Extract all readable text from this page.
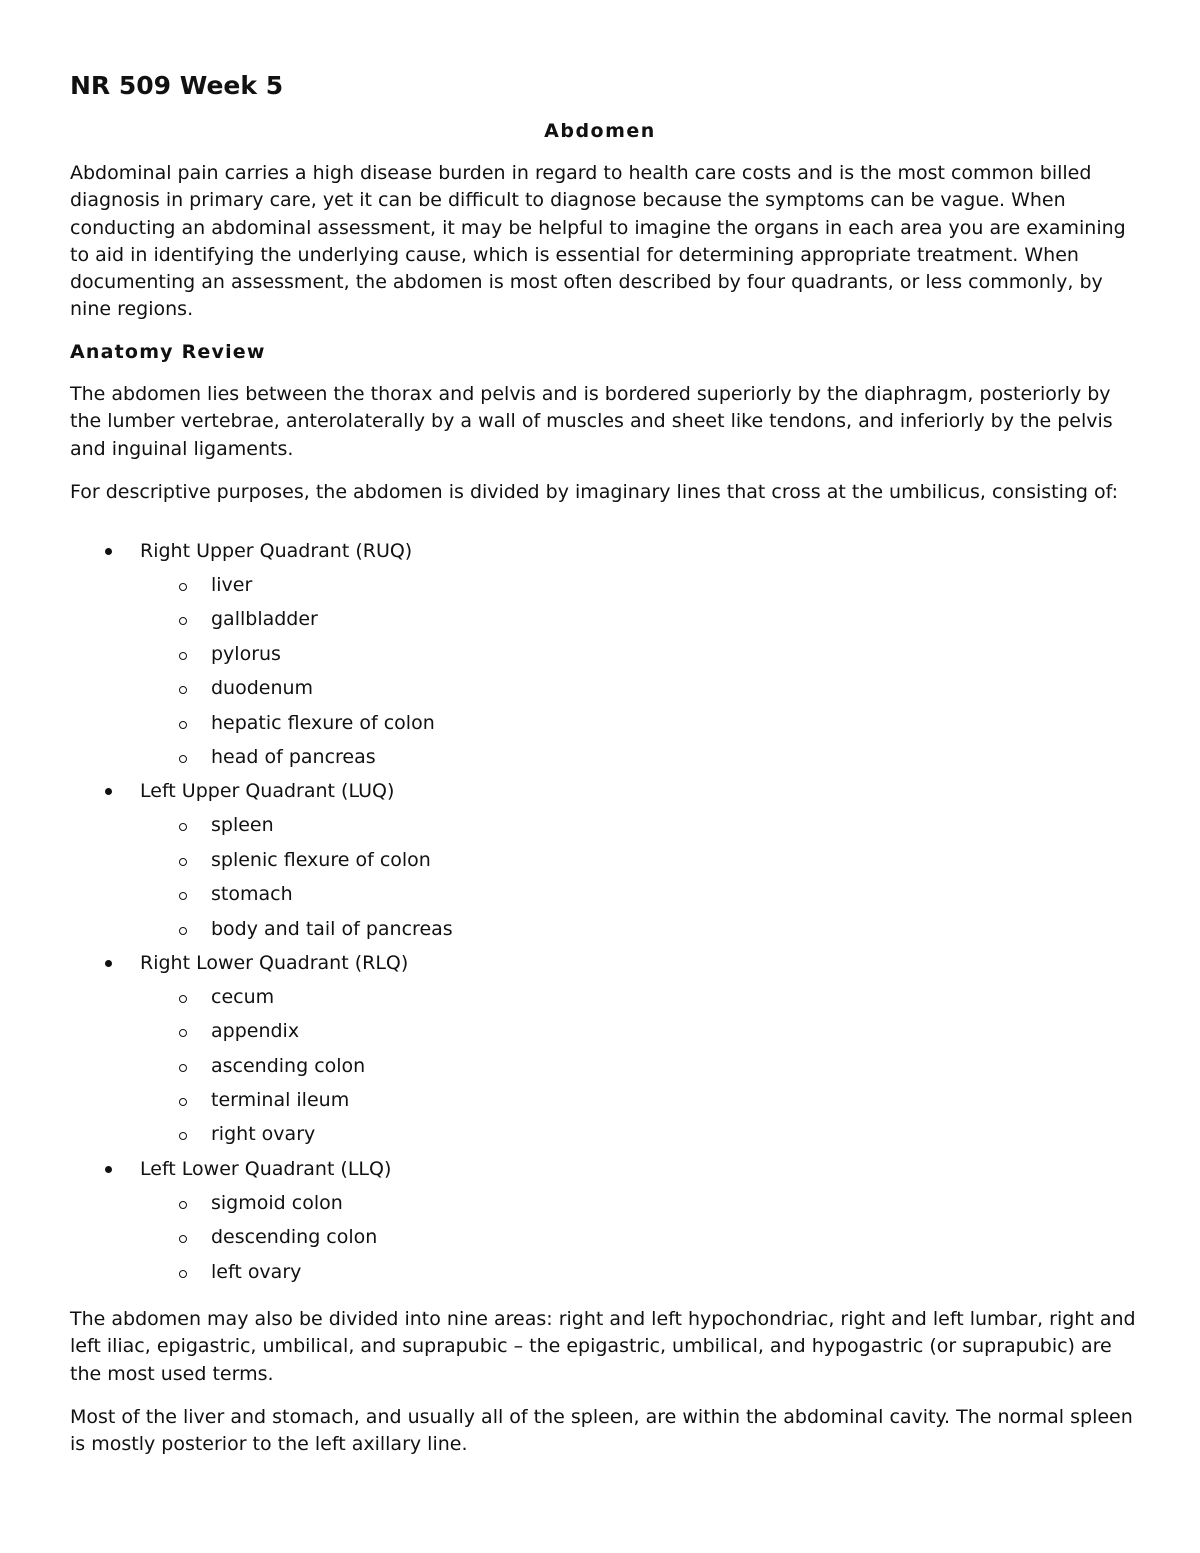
NR 509 Week 5
Abdomen

Abdominal pain carries a high disease burden in regard to health care costs and is the most common billed diagnosis in primary care, yet it can be difficult to diagnose because the symptoms can be vague. When conducting an abdominal assessment, it may be helpful to imagine the organs in each area you are examining to aid in identifying the underlying cause, which is essential for determining appropriate treatment. When documenting an assessment, the abdomen is most often described by four quadrants, or less commonly, by nine regions.

Anatomy Review

The abdomen lies between the thorax and pelvis and is bordered superiorly by the diaphragm, posteriorly by the lumber vertebrae, anterolaterally by a wall of muscles and sheet like tendons, and inferiorly by the pelvis and inguinal ligaments.

For descriptive purposes, the abdomen is divided by imaginary lines that cross at the umbilicus, consisting of:

Right Upper Quadrant (RUQ)
liver
gallbladder
pylorus
duodenum
hepatic flexure of colon
head of pancreas
Left Upper Quadrant (LUQ)
spleen
splenic flexure of colon
stomach
body and tail of pancreas
Right Lower Quadrant (RLQ)
cecum
appendix
ascending colon
terminal ileum
right ovary
Left Lower Quadrant (LLQ)
sigmoid colon
descending colon
left ovary

The abdomen may also be divided into nine areas: right and left hypochondriac, right and left lumbar, right and left iliac, epigastric, umbilical, and suprapubic – the epigastric, umbilical, and hypogastric (or suprapubic) are the most used terms.

Most of the liver and stomach, and usually all of the spleen, are within the abdominal cavity. The normal spleen is mostly posterior to the left axillary line.
